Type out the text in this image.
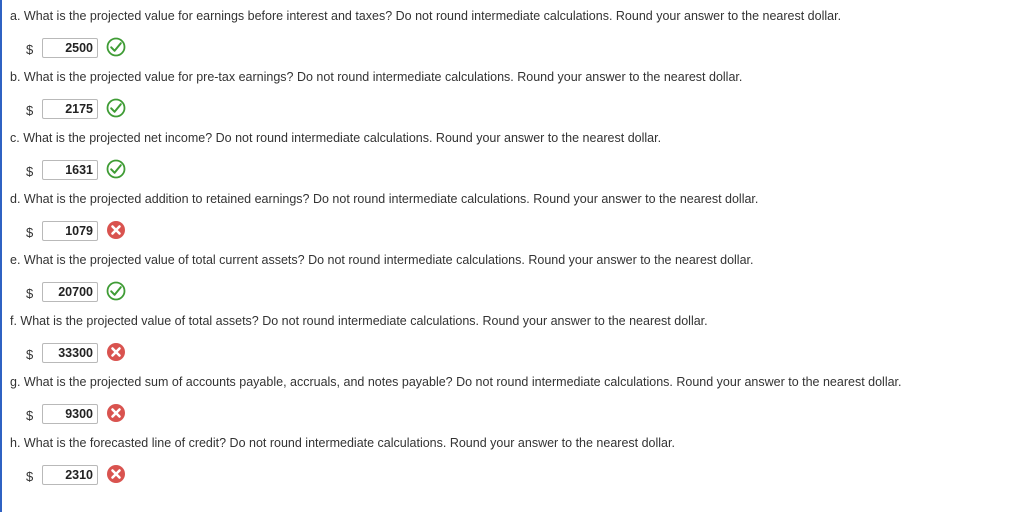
a. What is the projected value for earnings before interest and taxes? Do not round intermediate calculations. Round your answer to the nearest dollar.
$
2500
b. What is the projected value for pre-tax earnings? Do not round intermediate calculations. Round your answer to the nearest dollar.
$
2175
c. What is the projected net income? Do not round intermediate calculations. Round your answer to the nearest dollar.
$
1631
d. What is the projected addition to retained earnings? Do not round intermediate calculations. Round your answer to the nearest dollar.
$
1079
e. What is the projected value of total current assets? Do not round intermediate calculations. Round your answer to the nearest dollar.
$
20700
f. What is the projected value of total assets? Do not round intermediate calculations. Round your answer to the nearest dollar.
$
33300
g. What is the projected sum of accounts payable, accruals, and notes payable? Do not round intermediate calculations. Round your answer to the nearest dollar.
$
9300
h. What is the forecasted line of credit? Do not round intermediate calculations. Round your answer to the nearest dollar.
$
2310
